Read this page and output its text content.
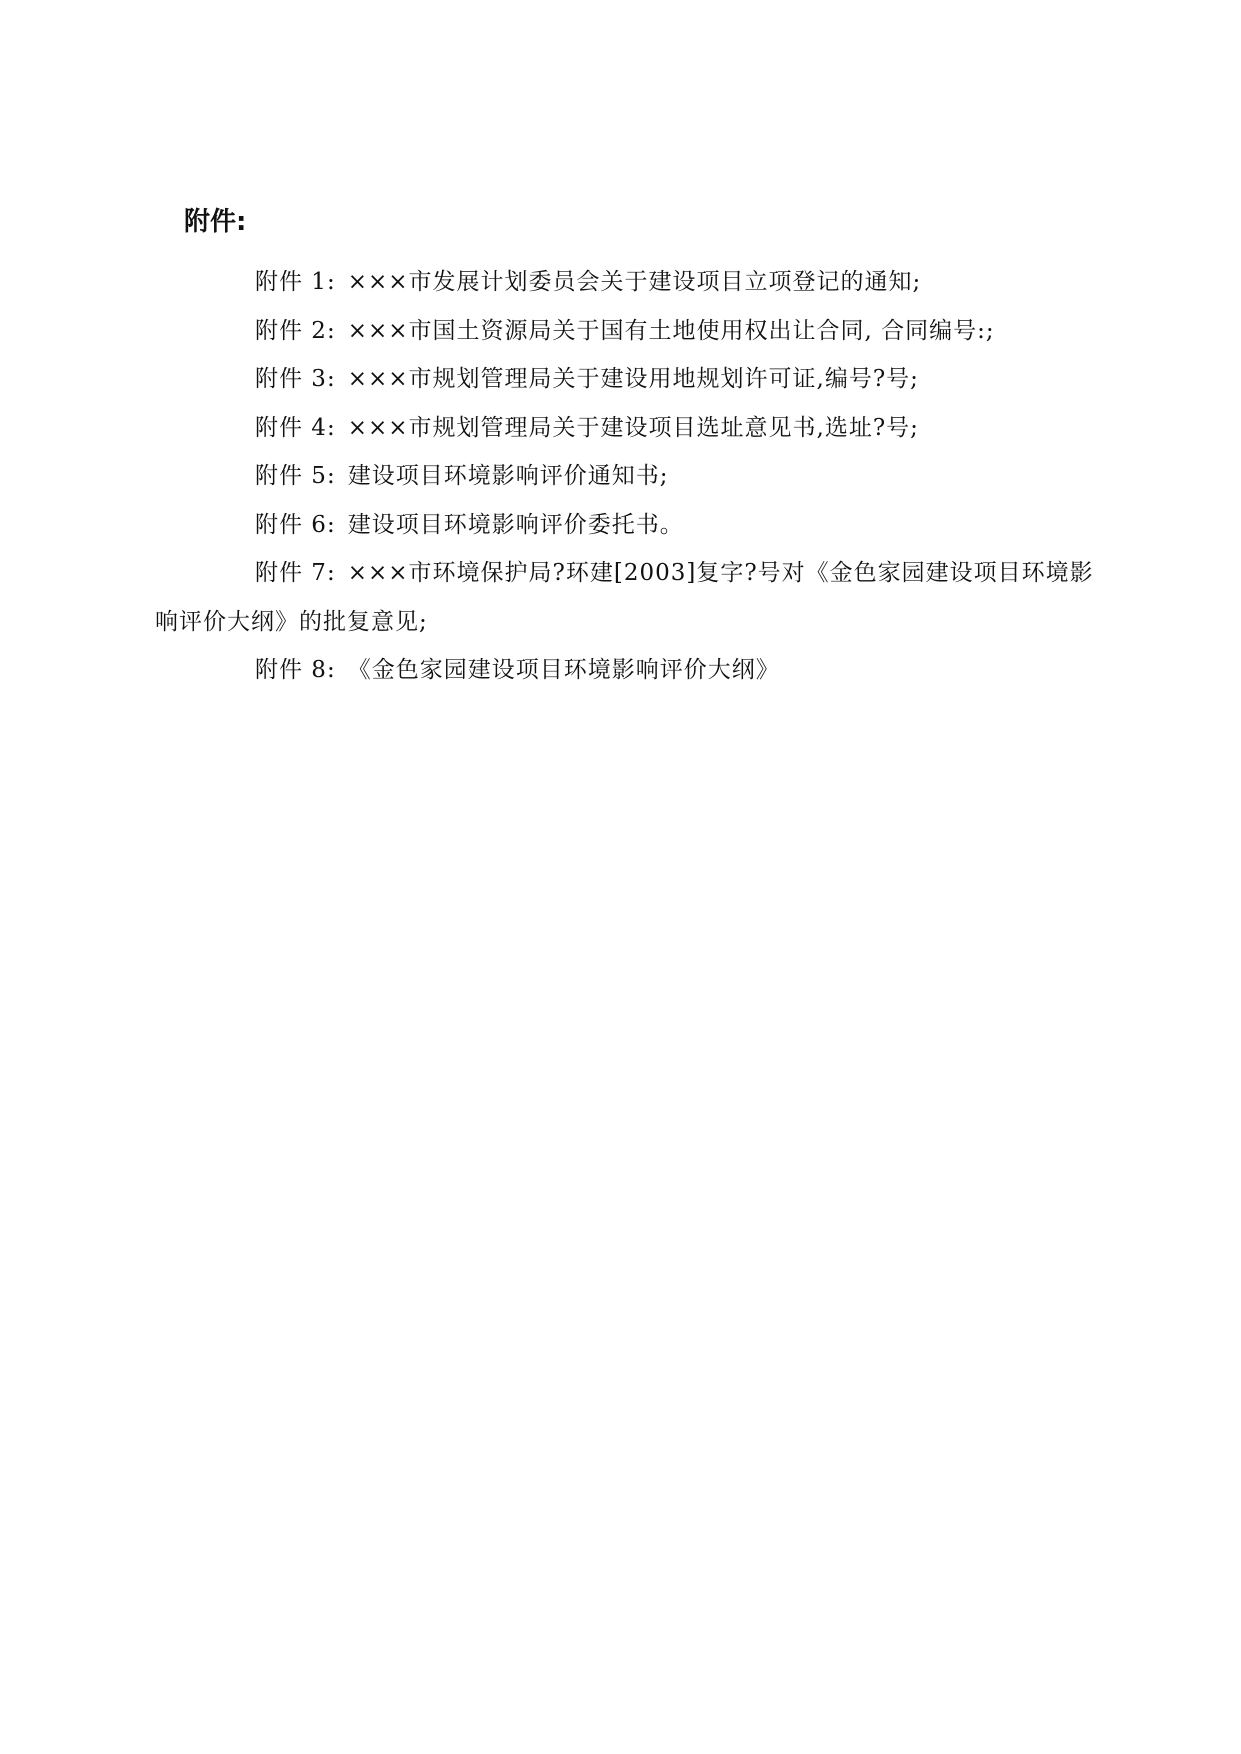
附件:
附件 1: ×××市发展计划委员会关于建设项目立项登记的通知;
附件 2: ×××市国土资源局关于国有土地使用权出让合同, 合同编号:;
附件 3: ×××市规划管理局关于建设用地规划许可证,编号?号;
附件 4: ×××市规划管理局关于建设项目选址意见书,选址?号;
附件 5: 建设项目环境影响评价通知书;
附件 6: 建设项目环境影响评价委托书。
附件 7: ×××市环境保护局?环建[2003]复字?号对《金色家园建设项目环境影响评价大纲》的批复意见;
附件 8: 《金色家园建设项目环境影响评价大纲》
